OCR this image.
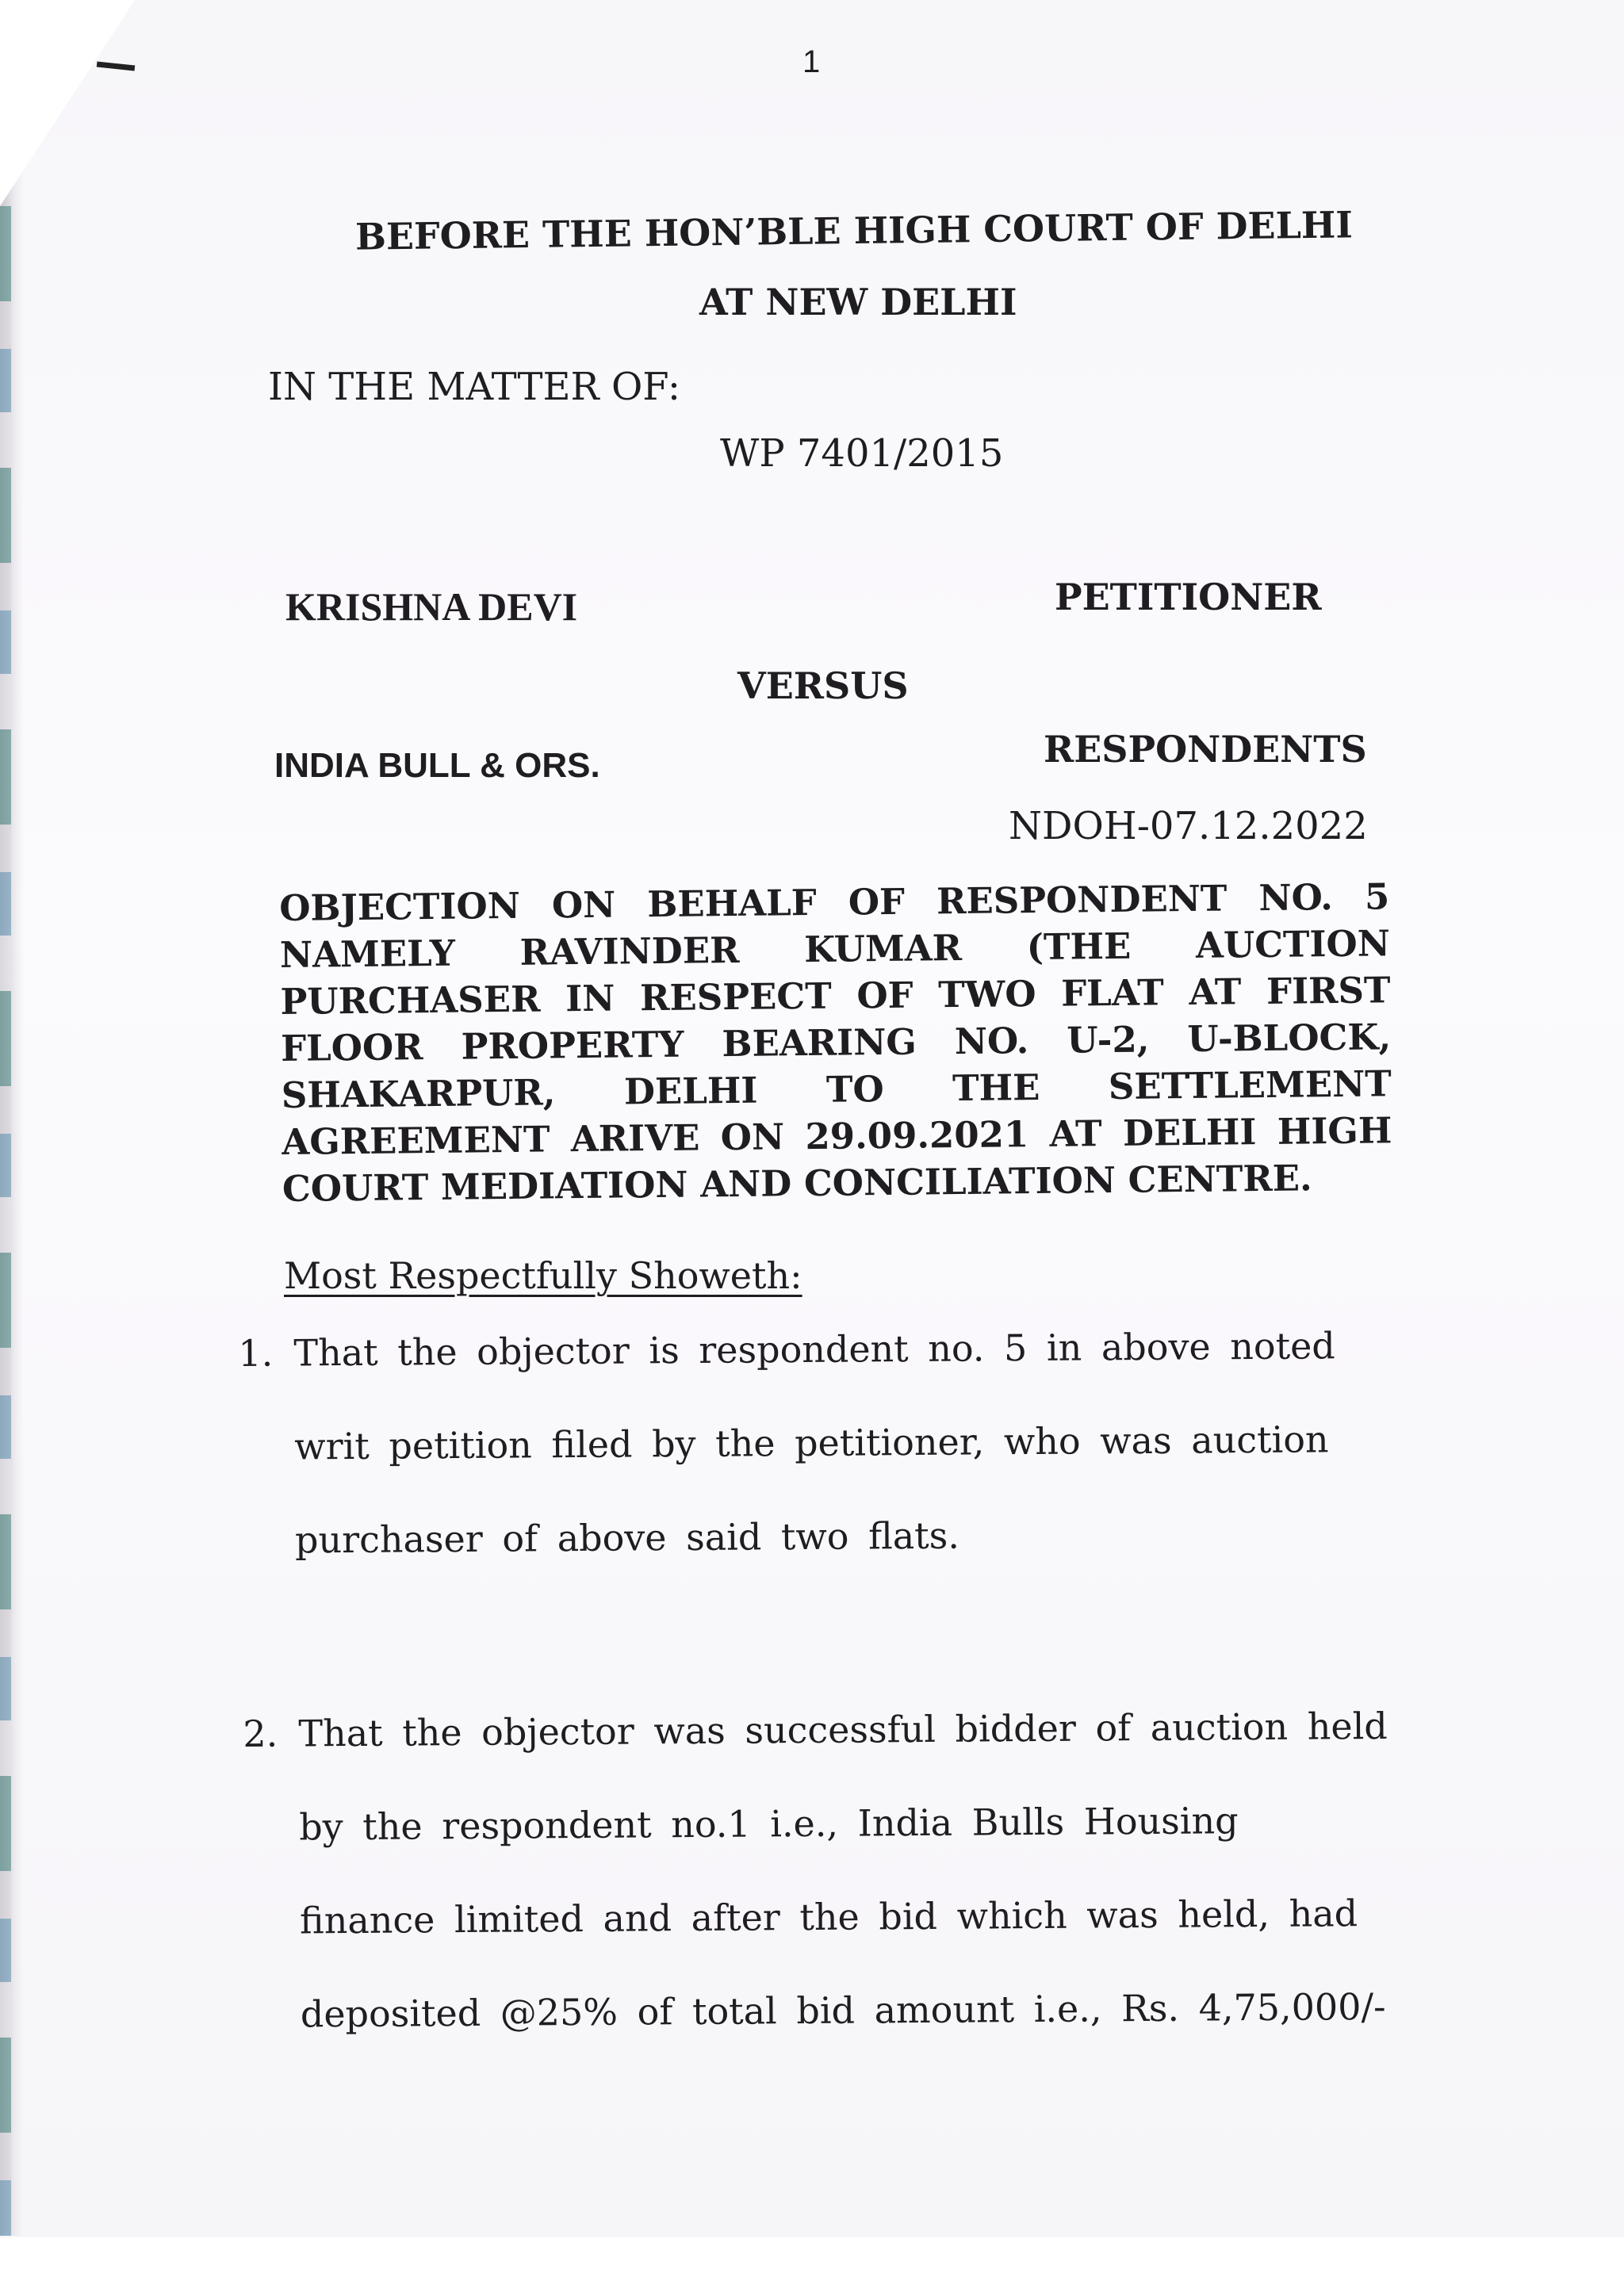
1

BEFORE THE HON’BLE HIGH COURT OF DELHI

AT NEW DELHI

IN THE MATTER OF:

WP 7401/2015

KRISHNA DEVI	PETITIONER

VERSUS

INDIA BULL & ORS.	RESPONDENTS

NDOH-07.12.2022

OBJECTION ON BEHALF OF RESPONDENT NO. 5 NAMELY RAVINDER KUMAR (THE AUCTION PURCHASER IN RESPECT OF TWO FLAT AT FIRST FLOOR PROPERTY BEARING NO. U-2, U-BLOCK, SHAKARPUR, DELHI TO THE SETTLEMENT AGREEMENT ARIVE ON 29.09.2021 AT DELHI HIGH COURT MEDIATION AND CONCILIATION CENTRE.

Most Respectfully Showeth:

1. That the objector is respondent no. 5 in above noted
writ petition filed by the petitioner, who was auction
purchaser of above said two flats.
2. That the objector was successful bidder of auction held
by the respondent no.1 i.e., India Bulls Housing
finance limited and after the bid which was held, had
deposited @25% of total bid amount i.e., Rs. 4,75,000/-
